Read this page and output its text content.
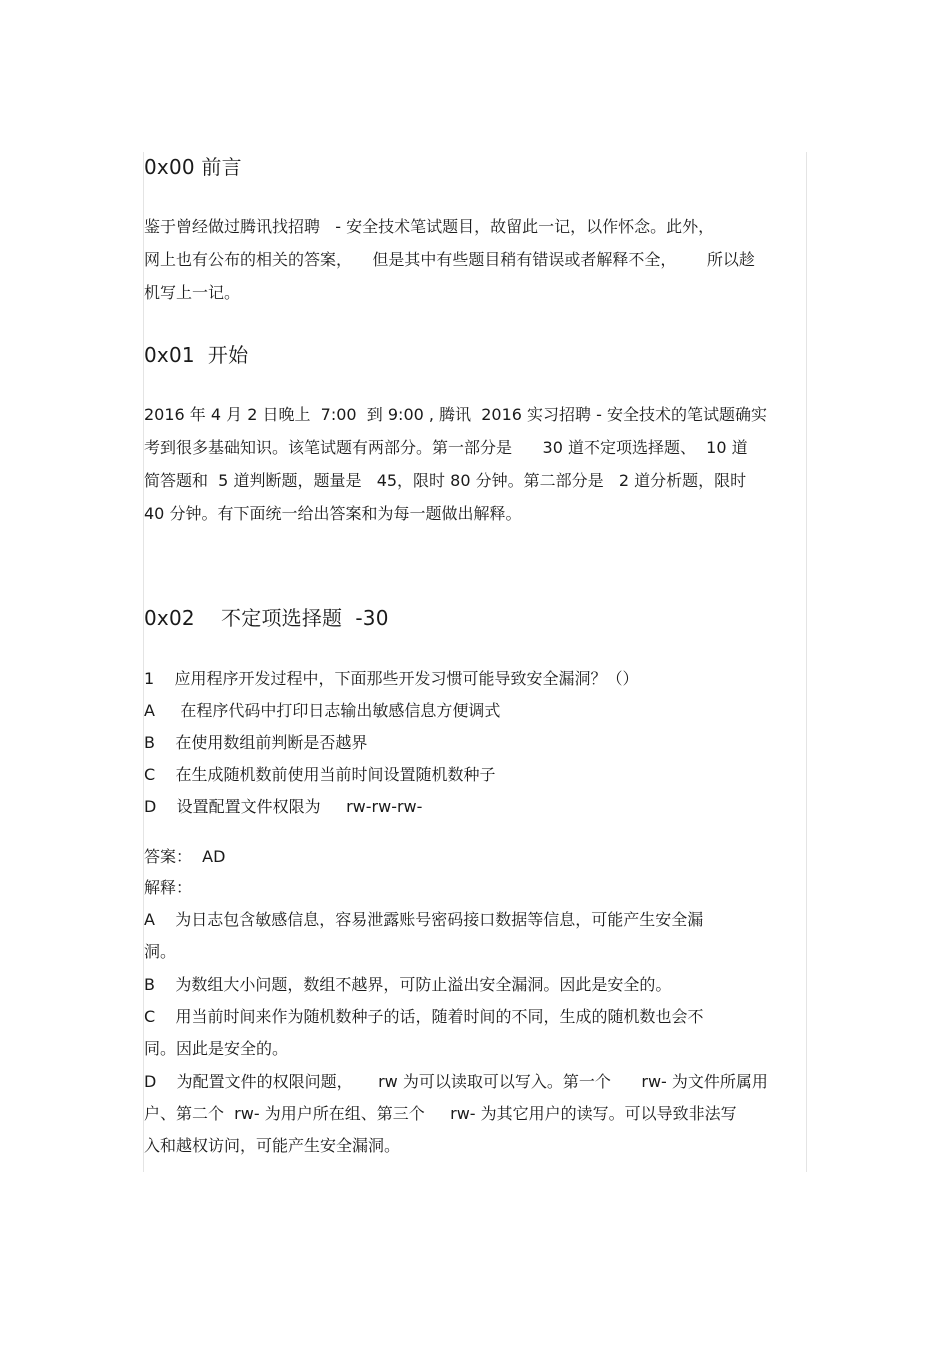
0x00 前言
鉴于曾经做过腾讯找招聘   - 安全技术笔试题目，故留此一记，以作怀念。此外，
网上也有公布的相关的答案，    但是其中有些题目稍有错误或者解释不全，      所以趁
机写上一记。
0x01  开始
2016 年 4 月 2 日晚上  7:00  到 9:00 , 腾讯  2016 实习招聘 - 安全技术的笔试题确实
考到很多基础知识。该笔试题有两部分。第一部分是      30 道不定项选择题、  10 道
简答题和  5 道判断题，题量是   45，限时 80 分钟。第二部分是   2 道分析题，限时
40 分钟。有下面统一给出答案和为每一题做出解释。
0x02    不定项选择题  -30
1    应用程序开发过程中，下面那些开发习惯可能导致安全漏洞？（）
A     在程序代码中打印日志输出敏感信息方便调式
B    在使用数组前判断是否越界
C    在生成随机数前使用当前时间设置随机数种子
D    设置配置文件权限为     rw-rw-rw-
答案：  AD
解释：
A    为日志包含敏感信息，容易泄露账号密码接口数据等信息，可能产生安全漏
洞。
B    为数组大小问题，数组不越界，可防止溢出安全漏洞。因此是安全的。
C    用当前时间来作为随机数种子的话，随着时间的不同，生成的随机数也会不
同。因此是安全的。
D    为配置文件的权限问题，     rw 为可以读取可以写入。第一个      rw- 为文件所属用
户、第二个  rw- 为用户所在组、第三个     rw- 为其它用户的读写。可以导致非法写
入和越权访问，可能产生安全漏洞。
